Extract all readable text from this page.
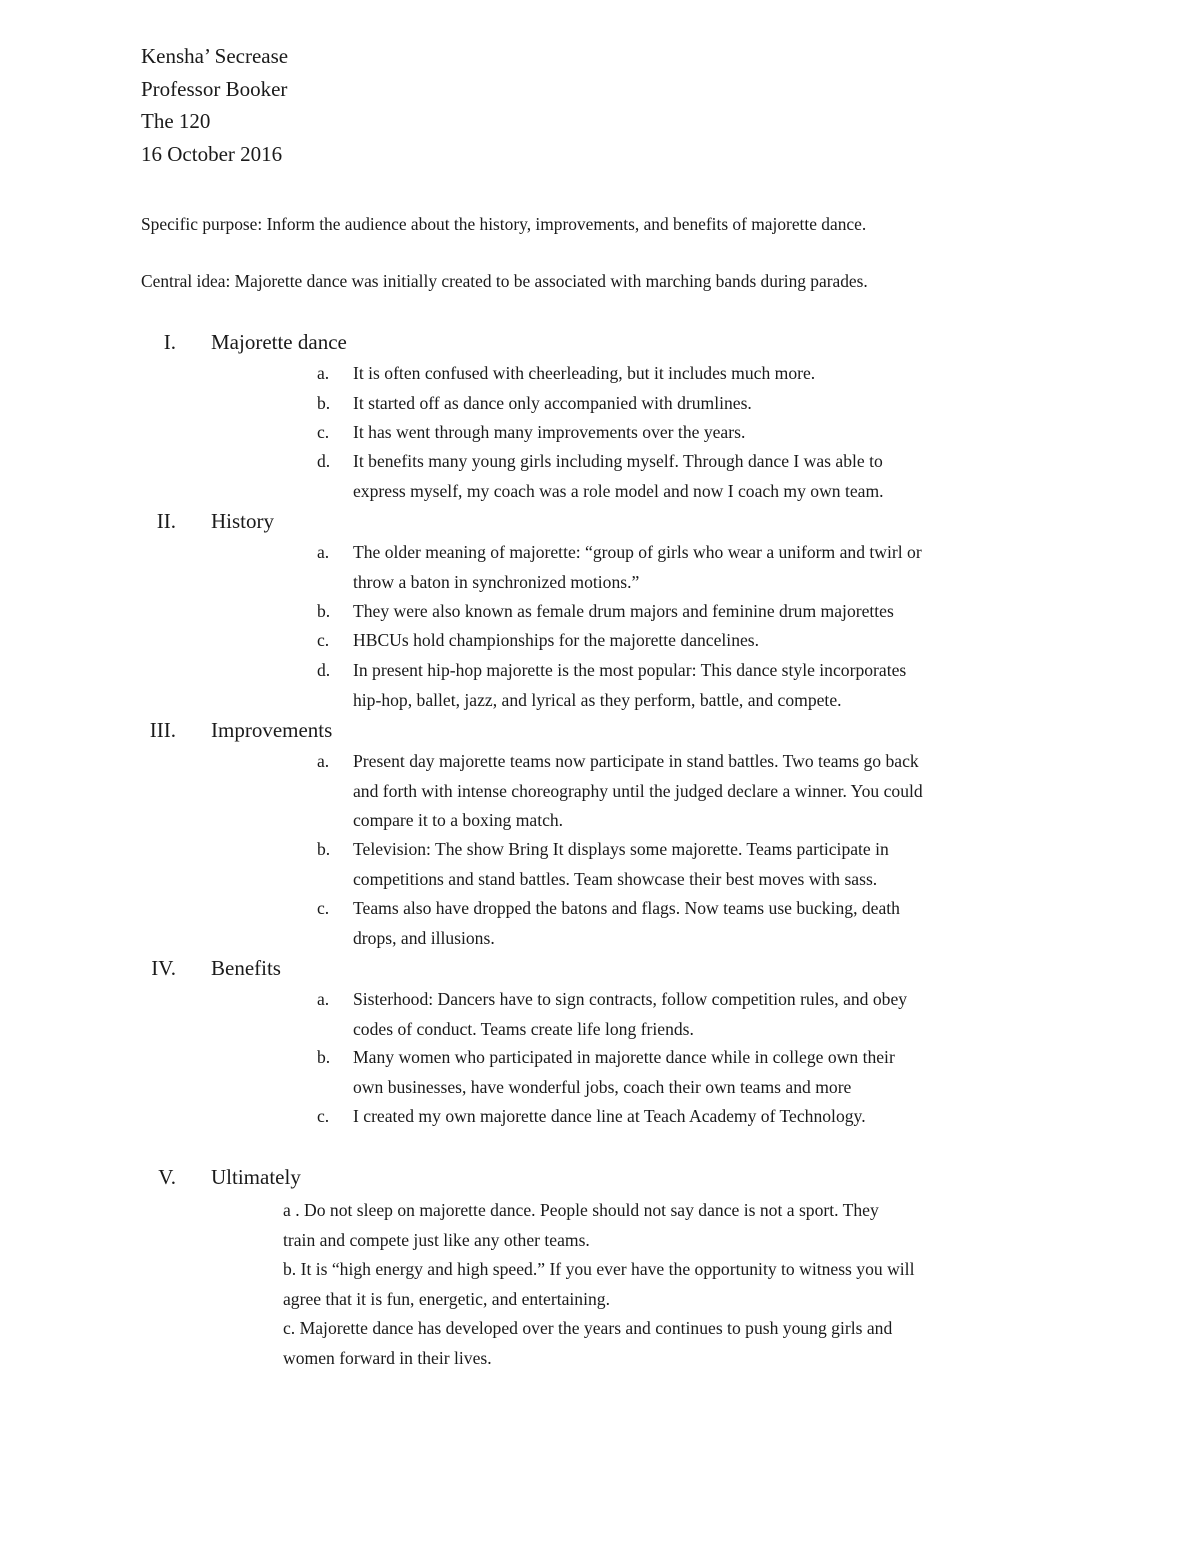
Kensha’ Secrease
Professor Booker
The 120
16 October 2016
Specific purpose: Inform the audience about the history, improvements, and benefits of majorette dance.
Central idea: Majorette dance was initially created to be associated with marching bands during parades.
I. Majorette dance
a. It is often confused with cheerleading, but it includes much more.
b. It started off as dance only accompanied with drumlines.
c. It has went through many improvements over the years.
d. It benefits many young girls including myself. Through dance I was able to
express myself, my coach was a role model and now I coach my own team.
II. History
a. The older meaning of majorette: “group of girls who wear a uniform and twirl or
throw a baton in synchronized motions.”
b. They were also known as female drum majors and feminine drum majorettes
c. HBCUs hold championships for the majorette dancelines.
d. In present hip-hop majorette is the most popular: This dance style incorporates
hip-hop, ballet, jazz, and lyrical as they perform, battle, and compete.
III. Improvements
a. Present day majorette teams now participate in stand battles. Two teams go back
and forth with intense choreography until the judged declare a winner. You could
compare it to a boxing match.
b. Television: The show Bring It displays some majorette. Teams participate in
competitions and stand battles. Team showcase their best moves with sass.
c. Teams also have dropped the batons and flags. Now teams use bucking, death
drops, and illusions.
IV. Benefits
a. Sisterhood: Dancers have to sign contracts, follow competition rules, and obey
codes of conduct. Teams create life long friends.
b. Many women who participated in majorette dance while in college own their
own businesses, have wonderful jobs, coach their own teams and more
c. I created my own majorette dance line at Teach Academy of Technology.
V. Ultimately
a . Do not sleep on majorette dance. People should not say dance is not a sport. They
train and compete just like any other teams.
b. It is “high energy and high speed.” If you ever have the opportunity to witness you will
agree that it is fun, energetic, and entertaining.
c. Majorette dance has developed over the years and continues to push young girls and
women forward in their lives.
